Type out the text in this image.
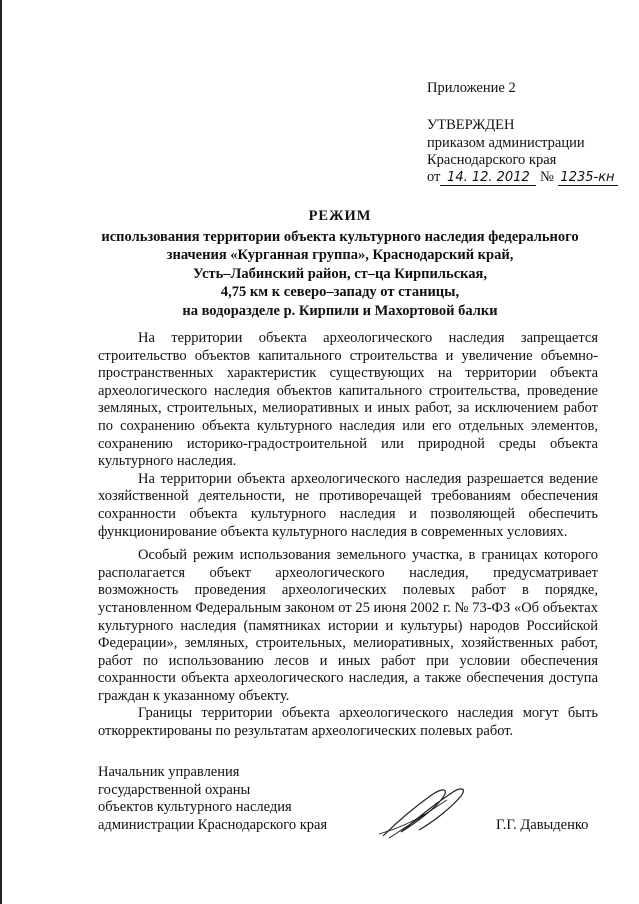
Приложение 2
УТВЕРЖДЕН
приказом администрации
Краснодарского края
от 14. 12. 2012 № 1235-кн
РЕЖИМ
использования территории объекта культурного наследия федерального
значения «Курганная группа», Краснодарский край,
Усть–Лабинский район, ст–ца Кирпильская,
4,75 км к северо–западу от станицы,
на водоразделе р. Кирпили и Махортовой балки

На территории объекта археологического наследия запрещается строительство объектов капитального строительства и увеличение объемно-пространственных характеристик существующих на территории объекта археологического наследия объектов капитального строительства, проведение земляных, строительных, мелиоративных и иных работ, за исключением работ по сохранению объекта культурного наследия или его отдельных элементов, сохранению историко-градостроительной или природной среды объекта культурного наследия.

На территории объекта археологического наследия разрешается ведение хозяйственной деятельности, не противоречащей требованиям обеспечения сохранности объекта культурного наследия и позволяющей обеспечить функционирование объекта культурного наследия в современных условиях.

Особый режим использования земельного участка, в границах которого располагается объект археологического наследия, предусматривает возможность проведения археологических полевых работ в порядке, установленном Федеральным законом от 25 июня 2002 г. № 73-ФЗ «Об объектах культурного наследия (памятниках истории и культуры) народов Российской Федерации», земляных, строительных, мелиоративных, хозяйственных работ, работ по использованию лесов и иных работ при условии обеспечения сохранности объекта археологического наследия, а также обеспечения доступа граждан к указанному объекту.

Границы территории объекта археологического наследия могут быть откорректированы по результатам археологических полевых работ.

Начальник управления
государственной охраны
объектов культурного наследия
администрации Краснодарского края	Г.Г. Давыденко
